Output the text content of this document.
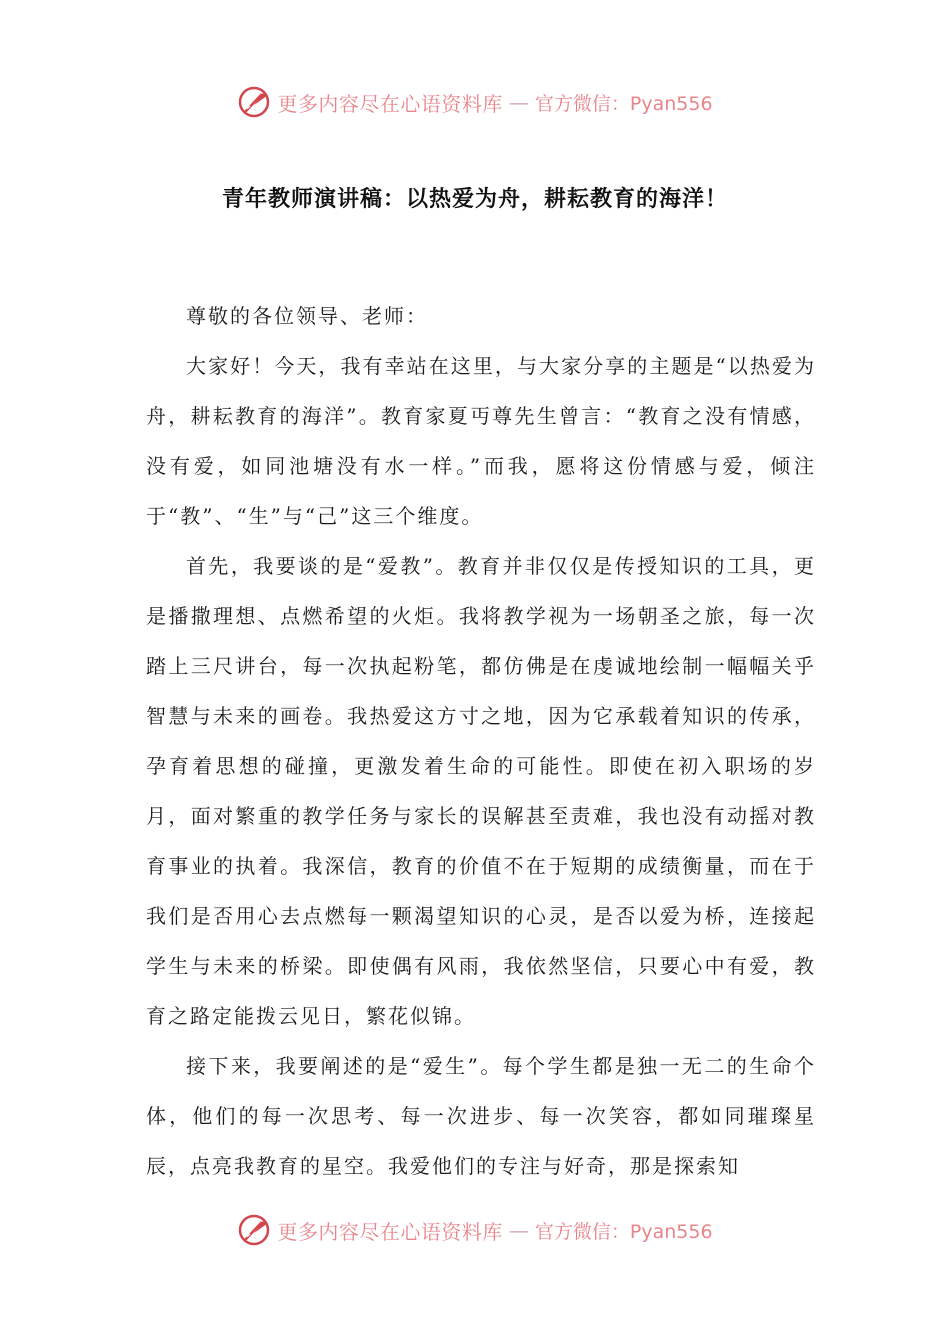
更多内容尽在心语资料库 — 官方微信：Pyan556
青年教师演讲稿：以热爱为舟，耕耘教育的海洋！

尊敬的各位领导、老师：

大家好！今天，我有幸站在这里，与大家分享的主题是“以热爱为舟，耕耘教育的海洋”。教育家夏丏尊先生曾言：“教育之没有情感，没有爱，如同池塘没有水一样。”而我，愿将这份情感与爱，倾注于“教”、“生”与“己”这三个维度。

首先，我要谈的是“爱教”。教育并非仅仅是传授知识的工具，更是播撒理想、点燃希望的火炬。我将教学视为一场朝圣之旅，每一次踏上三尺讲台，每一次执起粉笔，都仿佛是在虔诚地绘制一幅幅关乎智慧与未来的画卷。我热爱这方寸之地，因为它承载着知识的传承，孕育着思想的碰撞，更激发着生命的可能性。即使在初入职场的岁月，面对繁重的教学任务与家长的误解甚至责难，我也没有动摇对教育事业的执着。我深信，教育的价值不在于短期的成绩衡量，而在于我们是否用心去点燃每一颗渴望知识的心灵，是否以爱为桥，连接起学生与未来的桥梁。即使偶有风雨，我依然坚信，只要心中有爱，教育之路定能拨云见日，繁花似锦。

接下来，我要阐述的是“爱生”。每个学生都是独一无二的生命个体，他们的每一次思考、每一次进步、每一次笑容，都如同璀璨星辰，点亮我教育的星空。我爱他们的专注与好奇，那是探索知

更多内容尽在心语资料库 — 官方微信：Pyan556
